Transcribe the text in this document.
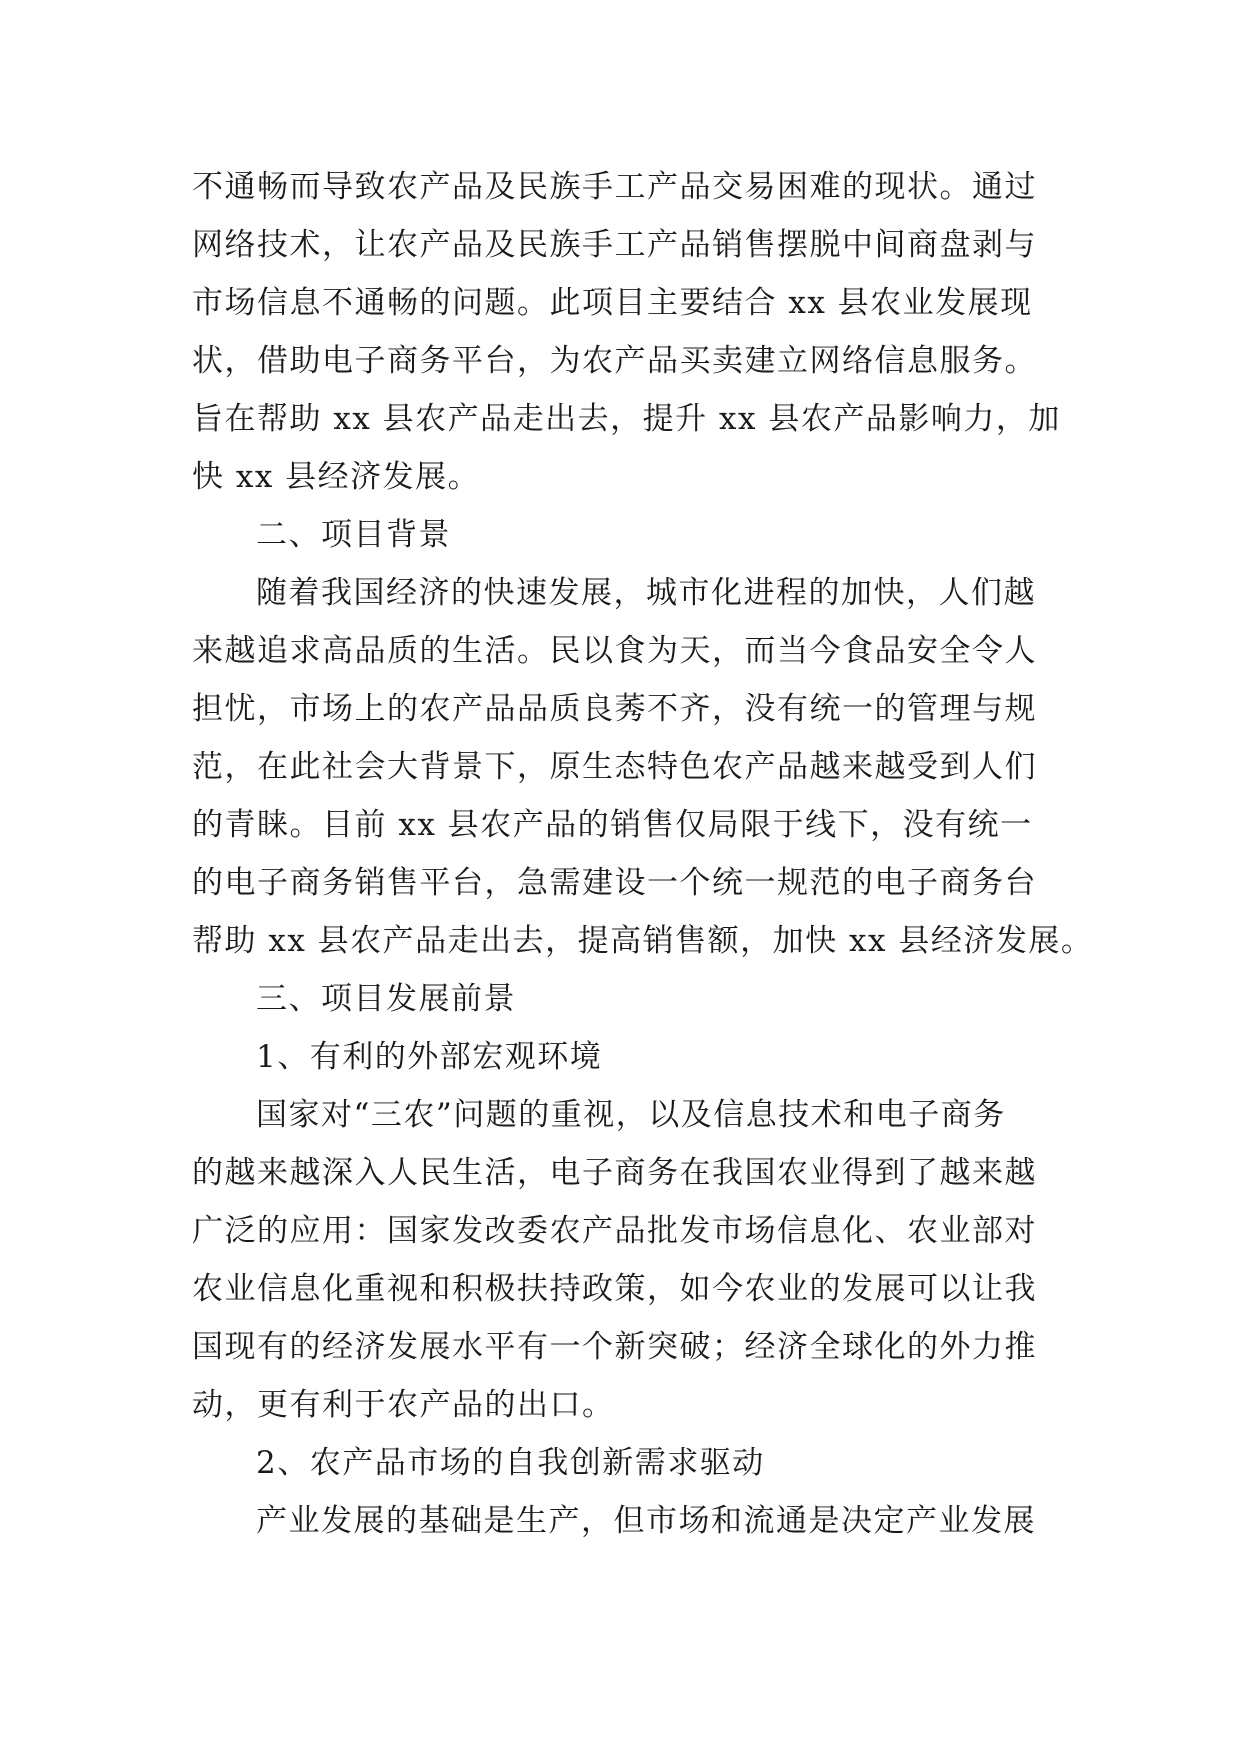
不通畅而导致农产品及民族手工产品交易困难的现状。通过
网络技术，让农产品及民族手工产品销售摆脱中间商盘剥与
市场信息不通畅的问题。此项目主要结合 xx 县农业发展现
状，借助电子商务平台，为农产品买卖建立网络信息服务。
旨在帮助 xx 县农产品走出去，提升 xx 县农产品影响力，加
快 xx 县经济发展。
二、项目背景
随着我国经济的快速发展，城市化进程的加快，人们越
来越追求高品质的生活。民以食为天，而当今食品安全令人
担忧，市场上的农产品品质良莠不齐，没有统一的管理与规
范，在此社会大背景下，原生态特色农产品越来越受到人们
的青睐。目前 xx 县农产品的销售仅局限于线下，没有统一
的电子商务销售平台，急需建设一个统一规范的电子商务台
帮助 xx 县农产品走出去，提高销售额，加快 xx 县经济发展。
三、项目发展前景
1、有利的外部宏观环境
国家对“三农”问题的重视，以及信息技术和电子商务
的越来越深入人民生活，电子商务在我国农业得到了越来越
广泛的应用：国家发改委农产品批发市场信息化、农业部对
农业信息化重视和积极扶持政策，如今农业的发展可以让我
国现有的经济发展水平有一个新突破；经济全球化的外力推
动，更有利于农产品的出口。
2、农产品市场的自我创新需求驱动
产业发展的基础是生产，但市场和流通是决定产业发展
